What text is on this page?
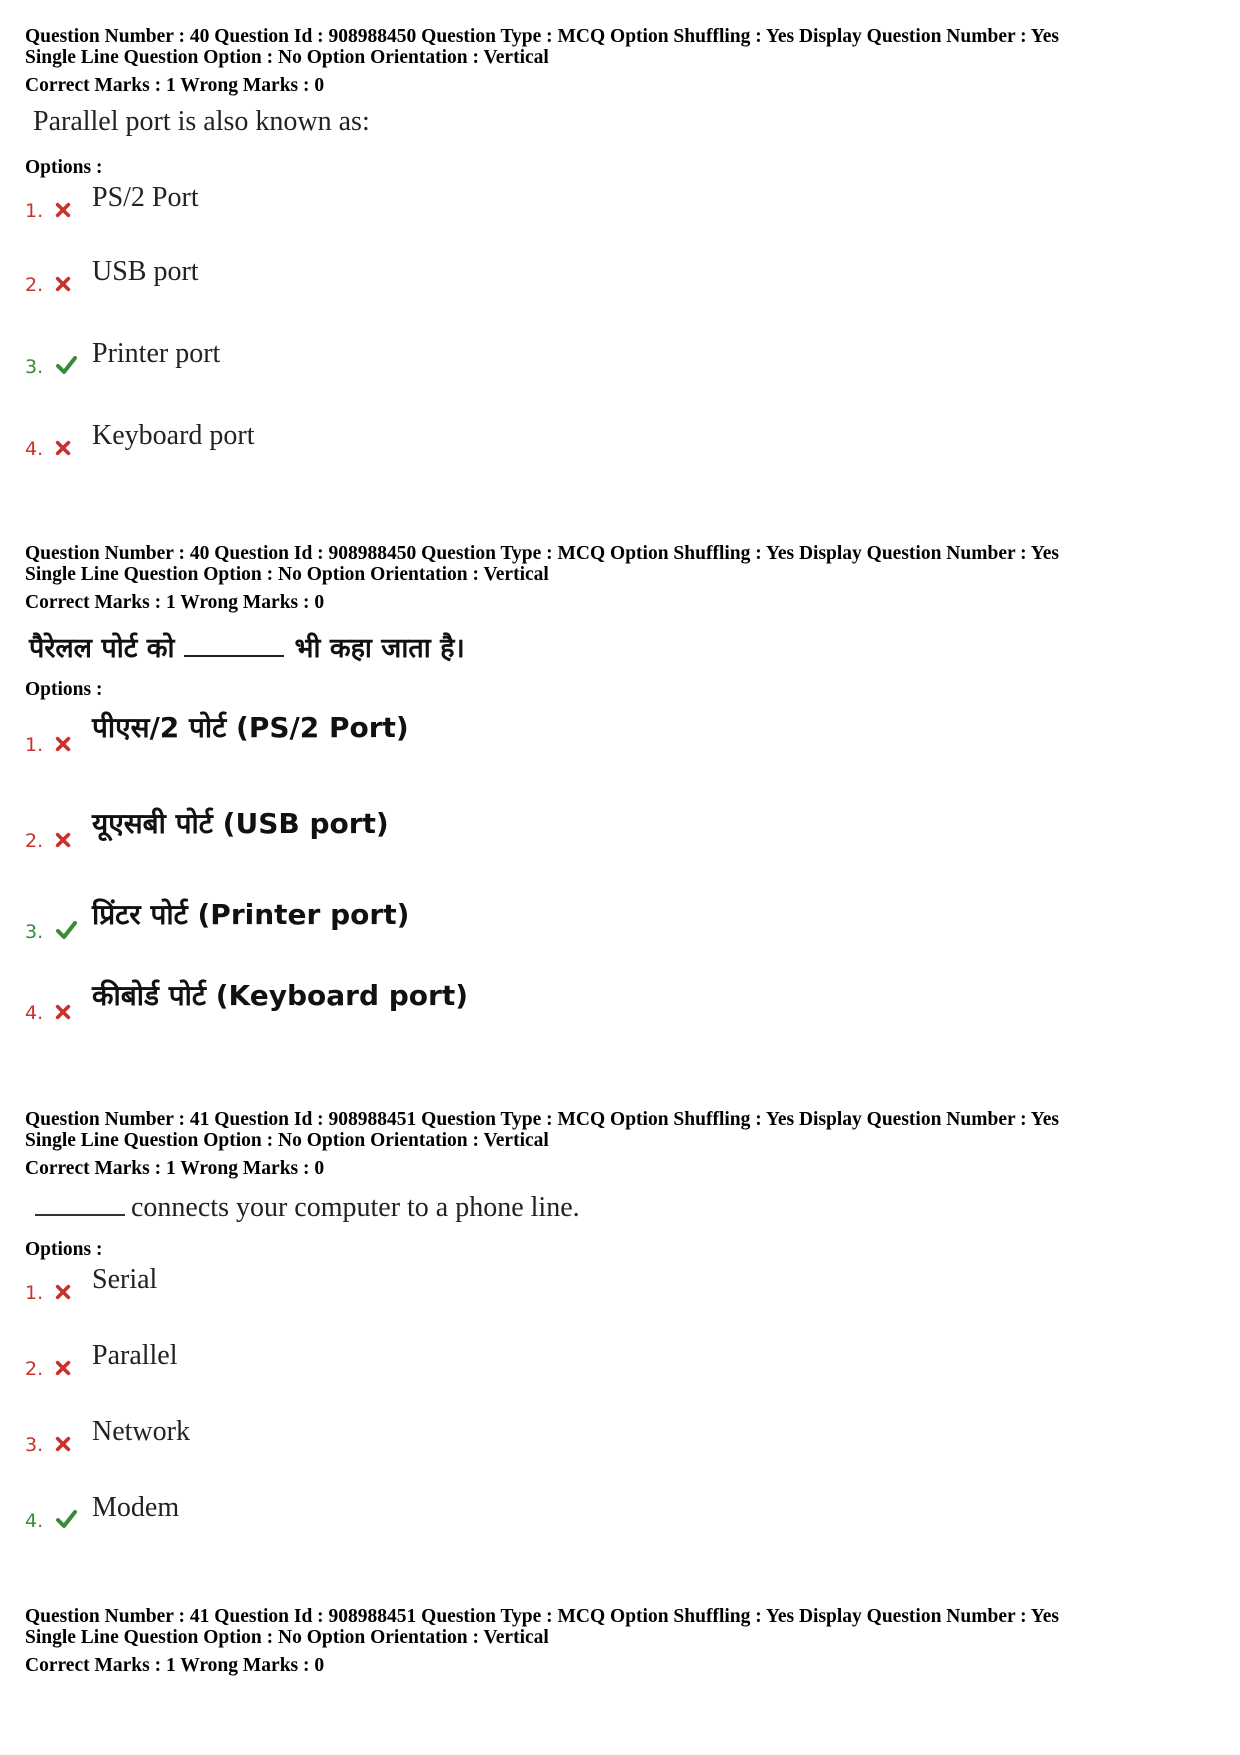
Question Number : 40 Question Id : 908988450 Question Type : MCQ Option Shuffling : Yes Display Question Number : Yes
Single Line Question Option : No Option Orientation : Vertical
Correct Marks : 1 Wrong Marks : 0
Parallel port is also known as:
Options :
1. PS/2 Port
2. USB port
3. Printer port
4. Keyboard port
Question Number : 40 Question Id : 908988450 Question Type : MCQ Option Shuffling : Yes Display Question Number : Yes
Single Line Question Option : No Option Orientation : Vertical
Correct Marks : 1 Wrong Marks : 0
पैरेलल पोर्ट को	भी कहा जाता है।
Options :
1.
पीएस/2 पोर्ट (PS/2 Port)
2.
यूएसबी पोर्ट (USB port)
3.
प्रिंटर पोर्ट (Printer port)
4.
कीबोर्ड पोर्ट (Keyboard port)
Question Number : 41 Question Id : 908988451 Question Type : MCQ Option Shuffling : Yes Display Question Number : Yes
Single Line Question Option : No Option Orientation : Vertical
Correct Marks : 1 Wrong Marks : 0
connects your computer to a phone line.
Options :
1. Serial
2. Parallel
3. Network
4. Modem
Question Number : 41 Question Id : 908988451 Question Type : MCQ Option Shuffling : Yes Display Question Number : Yes
Single Line Question Option : No Option Orientation : Vertical
Correct Marks : 1 Wrong Marks : 0
